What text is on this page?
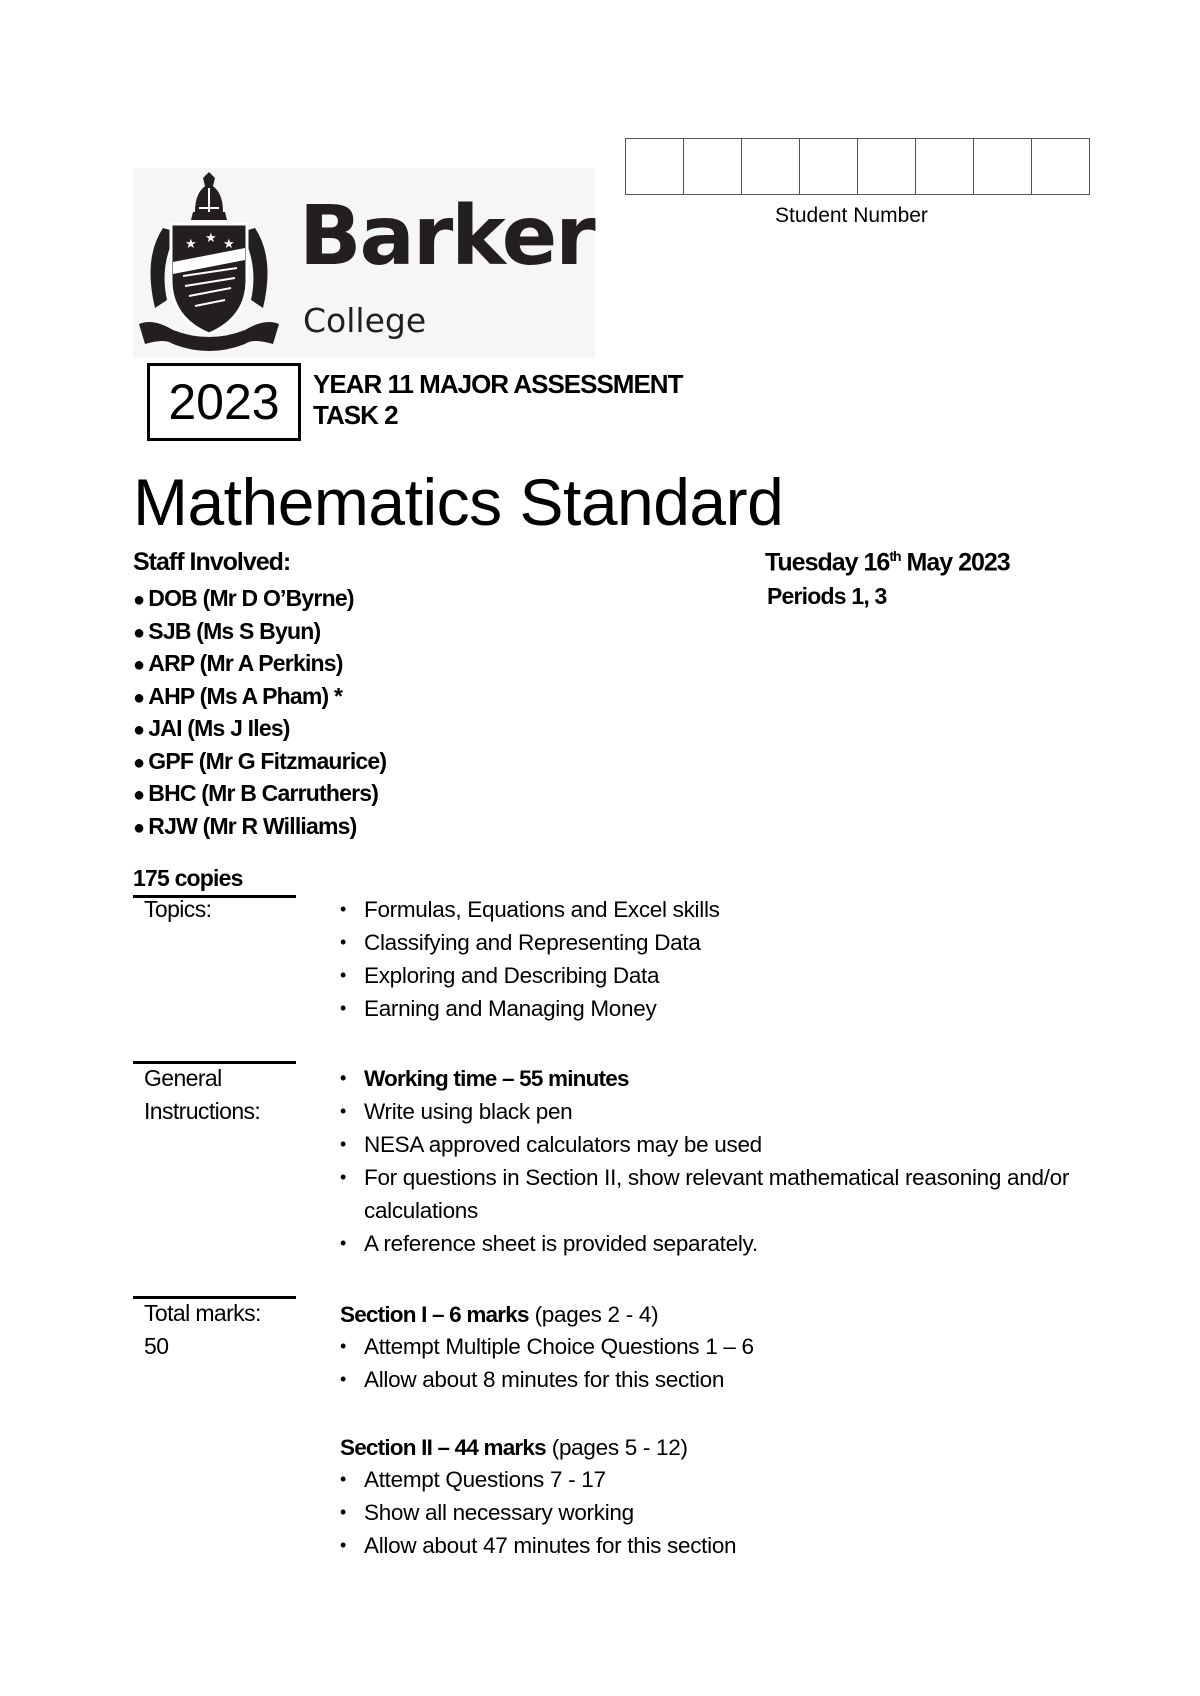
Student Number
★ ★ ★ Barker
College
2023	YEAR 11 MAJOR ASSESSMENT
TASK 2
Mathematics Standard
Staff Involved:
● DOB (Mr D O’Byrne)
● SJB (Ms S Byun)
● ARP (Mr A Perkins)
● AHP (Ms A Pham) *
● JAI (Ms J Iles)
● GPF (Mr G Fitzmaurice)
● BHC (Mr B Carruthers)
● RJW (Mr R Williams)
Tuesday 16th May 2023
Periods 1, 3
175 copies
Topics:
•	Formulas, Equations and Excel skills
• Classifying and Representing Data
• Exploring and Describing Data
• Earning and Managing Money
General
Instructions:
• Working time – 55 minutes
• Write using black pen
• NESA approved calculators may be used
• For questions in Section II, show relevant mathematical reasoning and/or calculations
• A reference sheet is provided separately.
Total marks:
50
Section I – 6 marks (pages 2 - 4)
• Attempt Multiple Choice Questions 1 – 6
• Allow about 8 minutes for this section
Section II – 44 marks (pages 5 - 12)
• Attempt Questions 7 - 17
• Show all necessary working
• Allow about 47 minutes for this section
